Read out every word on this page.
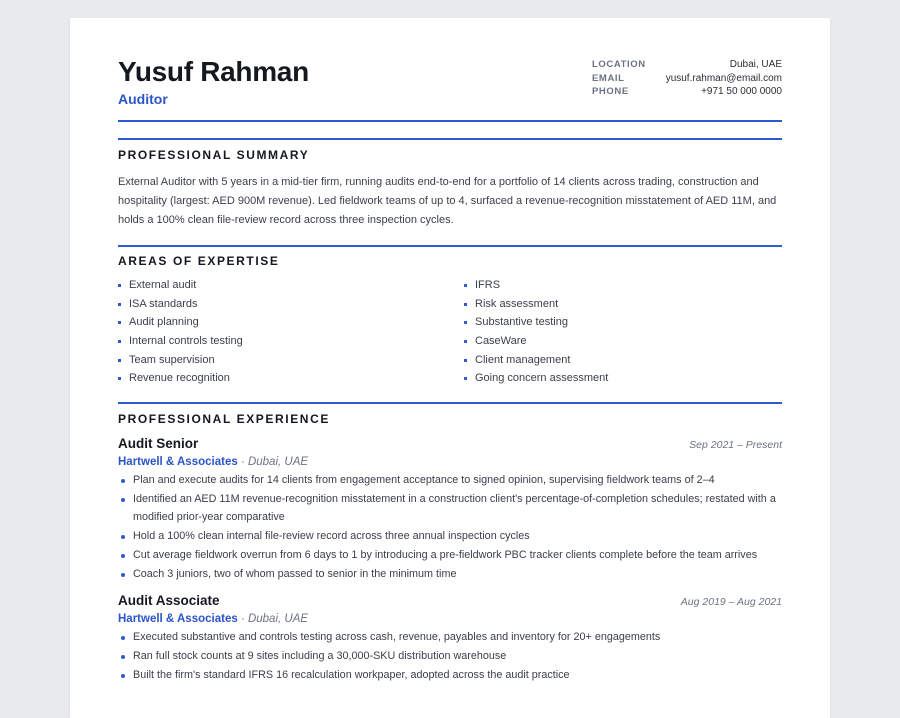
Yusuf Rahman
Auditor
LOCATION	Dubai, UAE
EMAIL	yusuf.rahman@email.com
PHONE	+971 50 000 0000
PROFESSIONAL SUMMARY
External Auditor with 5 years in a mid-tier firm, running audits end-to-end for a portfolio of 14 clients across trading, construction and hospitality (largest: AED 900M revenue). Led fieldwork teams of up to 4, surfaced a revenue-recognition misstatement of AED 11M, and holds a 100% clean file-review record across three inspection cycles.
AREAS OF EXPERTISE
External audit
ISA standards
Audit planning
Internal controls testing
Team supervision
Revenue recognition
IFRS
Risk assessment
Substantive testing
CaseWare
Client management
Going concern assessment
PROFESSIONAL EXPERIENCE
Audit Senior	Sep 2021 – Present
Hartwell & Associates · Dubai, UAE
Plan and execute audits for 14 clients from engagement acceptance to signed opinion, supervising fieldwork teams of 2–4
Identified an AED 11M revenue-recognition misstatement in a construction client's percentage-of-completion schedules; restated with a modified prior-year comparative
Hold a 100% clean internal file-review record across three annual inspection cycles
Cut average fieldwork overrun from 6 days to 1 by introducing a pre-fieldwork PBC tracker clients complete before the team arrives
Coach 3 juniors, two of whom passed to senior in the minimum time
Audit Associate	Aug 2019 – Aug 2021
Hartwell & Associates · Dubai, UAE
Executed substantive and controls testing across cash, revenue, payables and inventory for 20+ engagements
Ran full stock counts at 9 sites including a 30,000-SKU distribution warehouse
Built the firm's standard IFRS 16 recalculation workpaper, adopted across the audit practice
